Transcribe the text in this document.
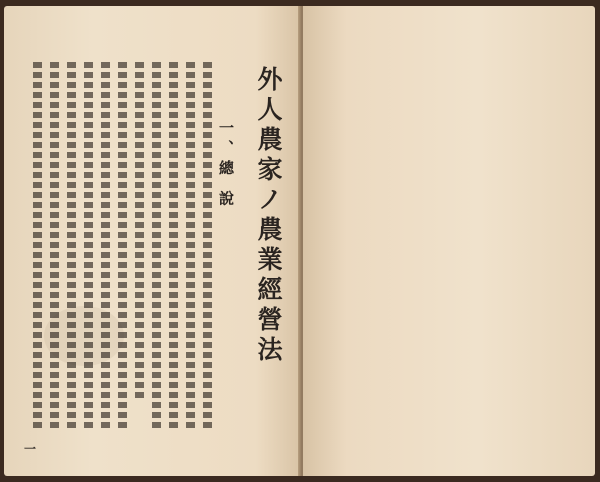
外人農家ノ農業經營法
一、總 說
一
